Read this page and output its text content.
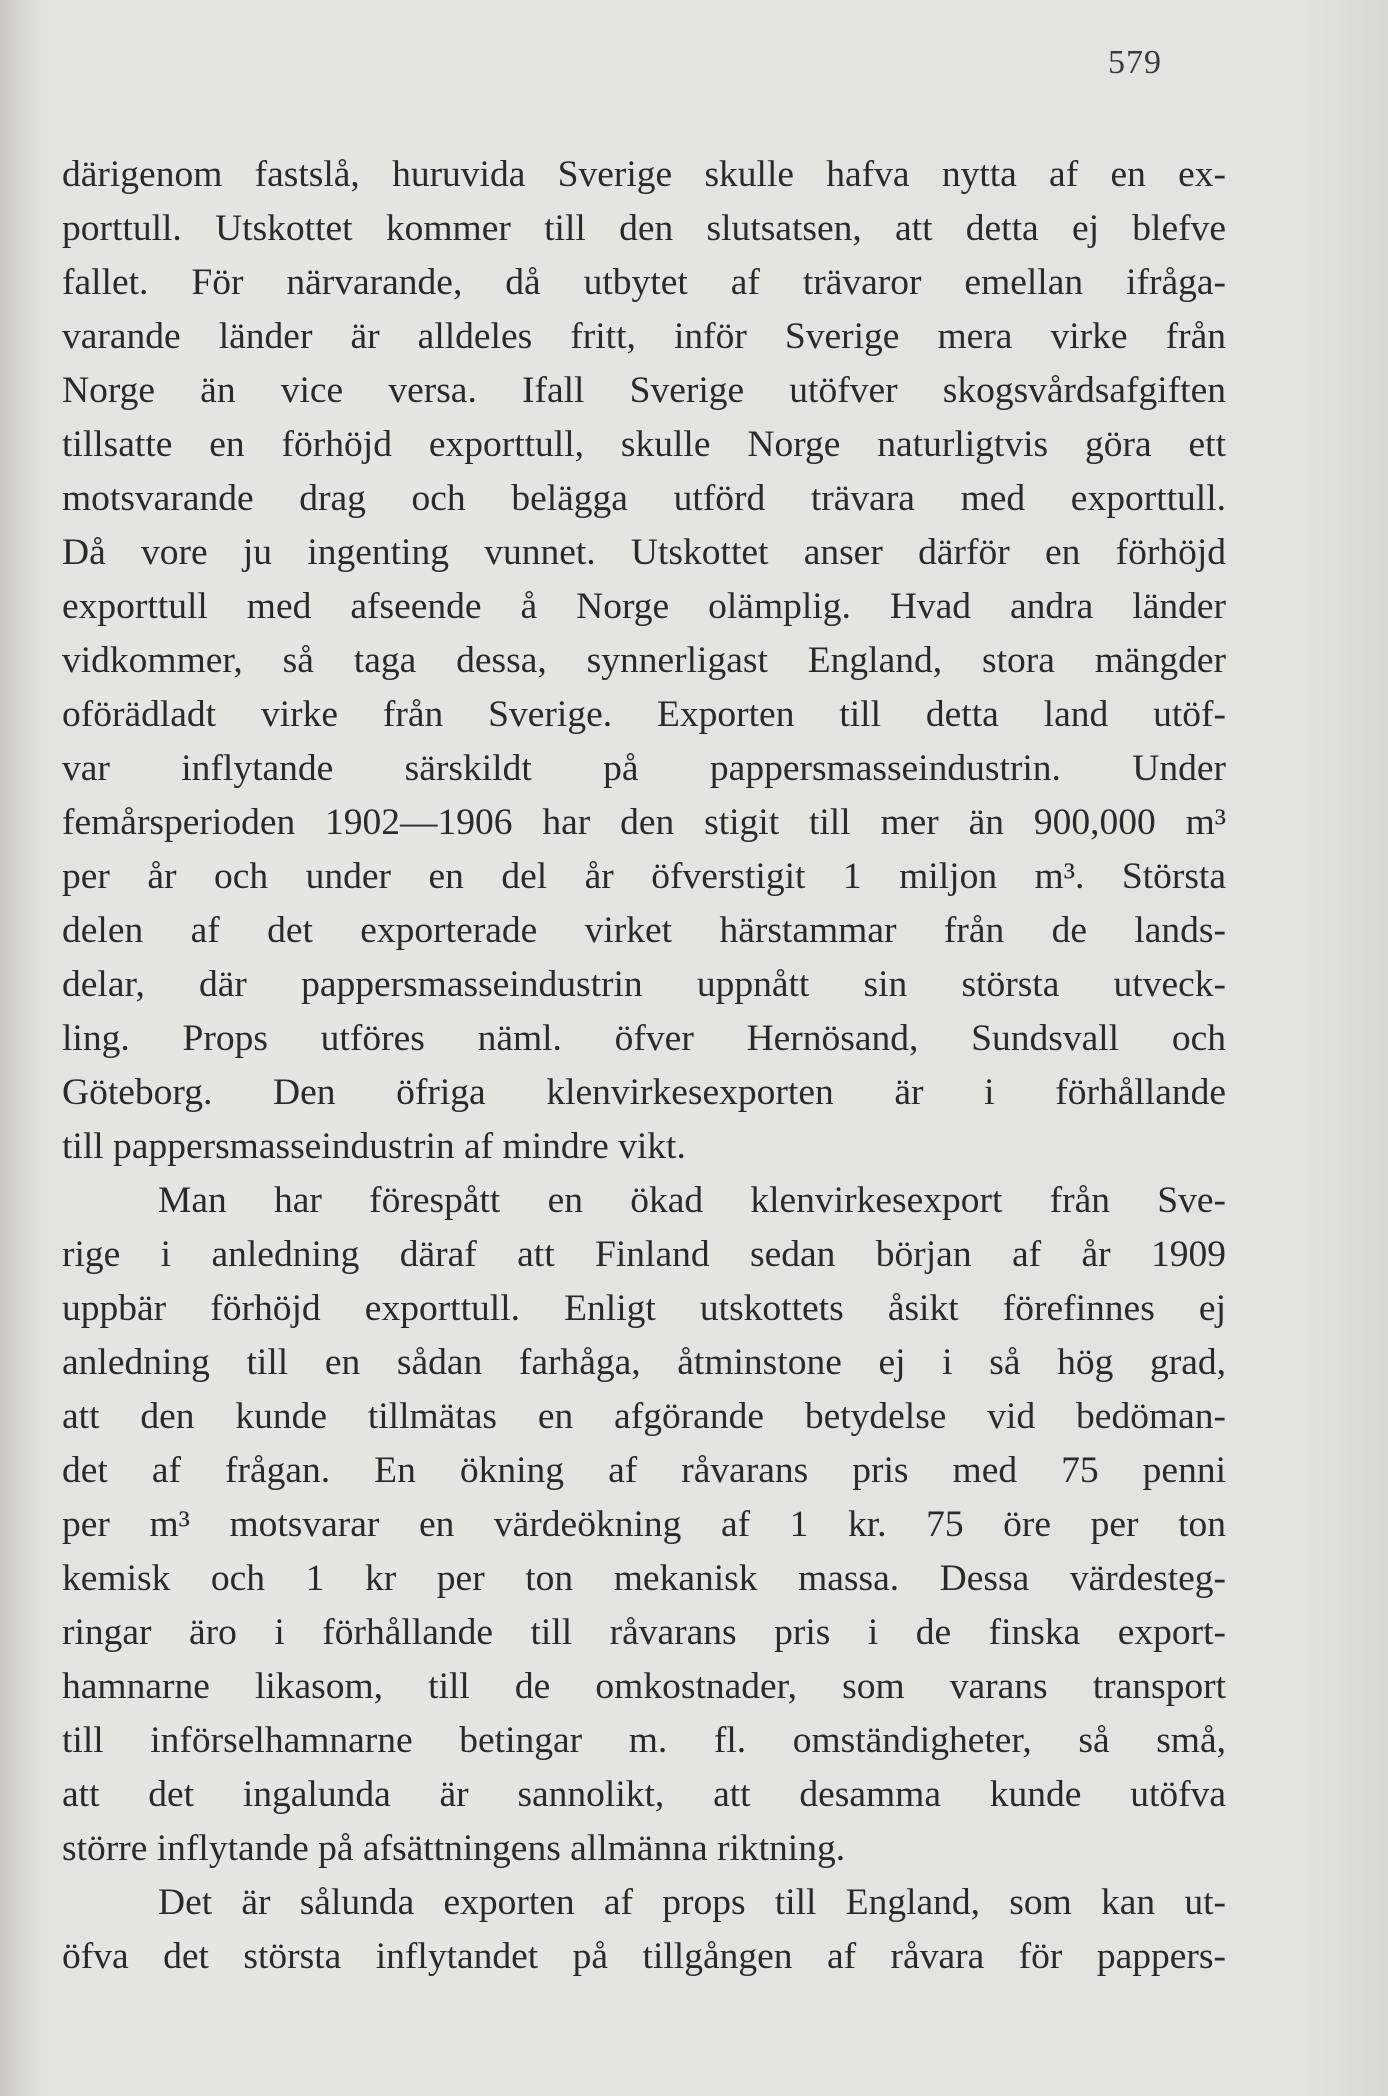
579
därigenom fastslå, huruvida Sverige skulle hafva nytta af en ex-
porttull. Utskottet kommer till den slutsatsen, att detta ej blefve
fallet. För närvarande, då utbytet af trävaror emellan ifråga-
varande länder är alldeles fritt, inför Sverige mera virke från
Norge än vice versa. Ifall Sverige utöfver skogsvårdsafgiften
tillsatte en förhöjd exporttull, skulle Norge naturligtvis göra ett
motsvarande drag och belägga utförd trävara med exporttull.
Då vore ju ingenting vunnet. Utskottet anser därför en förhöjd
exporttull med afseende å Norge olämplig. Hvad andra länder
vidkommer, så taga dessa, synnerligast England, stora mängder
oförädladt virke från Sverige. Exporten till detta land utöf-
var inflytande särskildt på pappersmasseindustrin. Under
femårsperioden 1902—1906 har den stigit till mer än 900,000 m³
per år och under en del år öfverstigit 1 miljon m³. Största
delen af det exporterade virket härstammar från de lands-
delar, där pappersmasseindustrin uppnått sin största utveck-
ling. Props utföres näml. öfver Hernösand, Sundsvall och
Göteborg. Den öfriga klenvirkesexporten är i förhållande
till pappersmasseindustrin af mindre vikt.
Man har förespått en ökad klenvirkesexport från Sve-
rige i anledning däraf att Finland sedan början af år 1909
uppbär förhöjd exporttull. Enligt utskottets åsikt förefinnes ej
anledning till en sådan farhåga, åtminstone ej i så hög grad,
att den kunde tillmätas en afgörande betydelse vid bedöman-
det af frågan. En ökning af råvarans pris med 75 penni
per m³ motsvarar en värdeökning af 1 kr. 75 öre per ton
kemisk och 1 kr per ton mekanisk massa. Dessa värdesteg-
ringar äro i förhållande till råvarans pris i de finska export-
hamnarne likasom, till de omkostnader, som varans transport
till införselhamnarne betingar m. fl. omständigheter, så små,
att det ingalunda är sannolikt, att desamma kunde utöfva
större inflytande på afsättningens allmänna riktning.
Det är sålunda exporten af props till England, som kan ut-
öfva det största inflytandet på tillgången af råvara för pappers-
